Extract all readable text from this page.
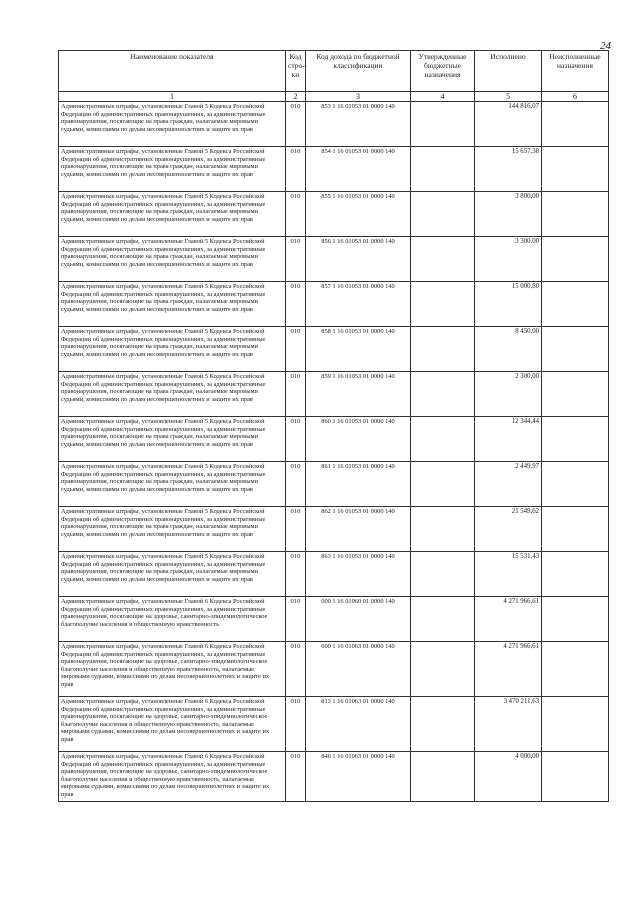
24
Наименование показателя	Код стро- ки	Код дохода по бюджетной классификации	Утвержденные бюджетные назначения	Исполнено	Неисполненные назначения
1	2	3	4	5	6
Административные штрафы, установленные Главой 5 Кодекса Российской Федерации об административных правонарушениях, за административные правонарушения, посягающие на права граждан, налагаемые мировыми судьями, комиссиями по делам несовершеннолетних и защите их прав	010	853 1 16 01053 01 0000 140		144 816,07	
Административные штрафы, установленные Главой 5 Кодекса Российской Федерации об административных правонарушениях, за административные правонарушения, посягающие на права граждан, налагаемые мировыми судьями, комиссиями по делам несовершеннолетних и защите их прав	010	854 1 16 01053 01 0000 140		15 657,38	
Административные штрафы, установленные Главой 5 Кодекса Российской Федерации об административных правонарушениях, за административные правонарушения, посягающие на права граждан, налагаемые мировыми судьями, комиссиями по делам несовершеннолетних и защите их прав	010	855 1 16 01053 01 0000 140		3 800,00	
Административные штрафы, установленные Главой 5 Кодекса Российской Федерации об административных правонарушениях, за административные правонарушения, посягающие на права граждан, налагаемые мировыми судьями, комиссиями по делам несовершеннолетних и защите их прав	010	856 1 16 01053 01 0000 140		3 300,00	
Административные штрафы, установленные Главой 5 Кодекса Российской Федерации об административных правонарушениях, за административные правонарушения, посягающие на права граждан, налагаемые мировыми судьями, комиссиями по делам несовершеннолетних и защите их прав	010	857 1 16 01053 01 0000 140		15 000,80	
Административные штрафы, установленные Главой 5 Кодекса Российской Федерации об административных правонарушениях, за административные правонарушения, посягающие на права граждан, налагаемые мировыми судьями, комиссиями по делам несовершеннолетних и защите их прав	010	858 1 16 01053 01 0000 140		8 450,00	
Административные штрафы, установленные Главой 5 Кодекса Российской Федерации об административных правонарушениях, за административные правонарушения, посягающие на права граждан, налагаемые мировыми судьями, комиссиями по делам несовершеннолетних и защите их прав	010	859 1 16 01053 01 0000 140		2 300,00	
Административные штрафы, установленные Главой 5 Кодекса Российской Федерации об административных правонарушениях, за административные правонарушения, посягающие на права граждан, налагаемые мировыми судьями, комиссиями по делам несовершеннолетних и защите их прав	010	860 1 16 01053 01 0000 140		12 344,44	
Административные штрафы, установленные Главой 5 Кодекса Российской Федерации об административных правонарушениях, за административные правонарушения, посягающие на права граждан, налагаемые мировыми судьями, комиссиями по делам несовершеннолетних и защите их прав	010	861 1 16 01053 01 0000 140		2 449,97	
Административные штрафы, установленные Главой 5 Кодекса Российской Федерации об административных правонарушениях, за административные правонарушения, посягающие на права граждан, налагаемые мировыми судьями, комиссиями по делам несовершеннолетних и защите их прав	010	862 1 16 01053 01 0000 140		21 549,62	
Административные штрафы, установленные Главой 5 Кодекса Российской Федерации об административных правонарушениях, за административные правонарушения, посягающие на права граждан, налагаемые мировыми судьями, комиссиями по делам несовершеннолетних и защите их прав	010	863 1 16 01053 01 0000 140		15 531,43	
Административные штрафы, установленные Главой 6 Кодекса Российской Федерации об административных правонарушениях, за административные правонарушения, посягающие на здоровье, санитарно-эпидемиологическое благополучие населения и общественную нравственность	010	000 1 16 01060 01 0000 140		4 271 966,61	
Административные штрафы, установленные Главой 6 Кодекса Российской Федерации об административных правонарушениях, за административные правонарушения, посягающие на здоровье, санитарно-эпидемиологическое благополучие населения и общественную нравственность, налагаемые мировыми судьями, комиссиями по делам несовершеннолетних и защите их прав	010	000 1 16 01063 01 0000 140		4 271 966,61	
Административные штрафы, установленные Главой 6 Кодекса Российской Федерации об административных правонарушениях, за административные правонарушения, посягающие на здоровье, санитарно-эпидемиологическое благополучие населения и общественную нравственность, налагаемые мировыми судьями, комиссиями по делам несовершеннолетних и защите их прав	010	813 1 16 01063 01 0000 140		3 470 211,63	
Административные штрафы, установленные Главой 6 Кодекса Российской Федерации об административных правонарушениях, за административные правонарушения, посягающие на здоровье, санитарно-эпидемиологическое благополучие населения и общественную нравственность, налагаемые мировыми судьями, комиссиями по делам несовершеннолетних и защите их прав	010	846 1 16 01063 01 0000 140		4 000,00	
